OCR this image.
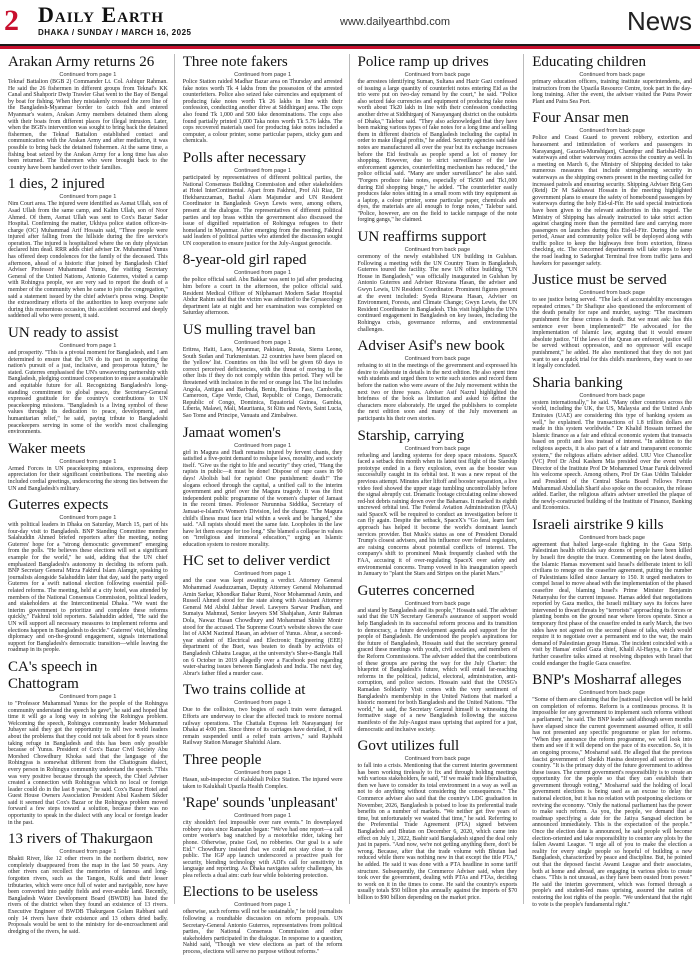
2 Daily Earth
DHAKA / SUNDAY / MARCH 16, 2025
www.dailyearthbd.com	News
Arakan Army returns 26
Continued from page 1

Teknaf Battalion (BGB 2) Commander Lt. Col. Ashiqur Rahman. He said the 26 fishermen in different groups from Teknaf's KK Canal and Shahporir Dwip Trawler Ghat went to the Bay of Bengal by boat for fishing. When they mistakenly crossed the zero line of the Bangladesh-Myanmar border to catch fish and entered Myanmar's waters, Arakan Army members detained them along with their boats from different places for illegal intrusion. Later, when the BGB's intervention was sought to bring back the detained fishermen, the Teknaf Battalion established contact and communication with the Arakan Army and after mediation, it was possible to bring back the detained fishermen. At the same time, a fishing boat seized by the Arakan Army for a long time has also been returned. The fishermen who were brought back to the country have been handed over to their families.

1 dies, 2 injured
Continued from page 1

Nim Court area. The injured were identified as Asmat Ullah, son of Asad Ullah from the same camp, and Kalim Ullah, son of Noor Ahmed. Of them, Asmat Ullah was sent to Cox's Bazar Sadar Hospital. Confirming the matter, Ukhiya police station officer-in-charge (OC) Muhammad Arif Hossain said, "Three people were injured after falling from the hillside during the fire service's operation. The injured is hospitalized where the on duty physician declared him dead. RRR adds chief adviser Dr. Muhammad Yunus has offered deep condolences for the family of the deceased. This afternoon, ahead of a historic iftar joined by Bangladesh Chief Adviser Professor Muhammad Yunus, the visiting Secretary General of the United Nations, Antonio Guterres, visited a camp with Rohingya people, we are very sad to report the death of a member of the community when he came to join the congregation," said a statement issued by the chief adviser's press wing. Despite the extraordinary efforts of the authorities to keep everyone safe during this momentous occasion, this accident occurred and deeply saddened all who were present, it said.

UN ready to assist
Continued from page 1

and prosperity. "This is a pivotal moment for Bangladesh, and I am determined to ensure that the UN do its part in supporting the nation's pursuit of a just, inclusive, and prosperous future," he stated. Guterres emphasised the UN's unwavering partnership with Bangladesh, pledging continued cooperation to ensure a sustainable and equitable future for all. Recognizing Bangladesh's long-standing commitment to global peace, the Secretary-General expressed gratitude for the country's contributions to UN peacekeeping missions. "Bangladesh is a living symbol of these values through its dedication to peace, development, and humanitarian relief," he said, paying tribute to Bangladeshi peacekeepers serving in some of the world's most challenging environments.

Waker meets
Continued from page 1

Armed Forces in UN peacekeeping missions, expressing deep appreciation for their significant contributions. The meeting also included cordial greetings, underscoring the strong ties between the UN and Bangladesh's military.

Guterres expects
Continued from page 1

with political leaders in Dhaka on Saturday, March 15, part of his four-day visit to Bangladesh. BNP Standing Committee member Salahuddin Ahmed briefed reporters after the meeting, noting Guterres' hope for a "strong democratic government" emerging from the polls. "He believes these elections will set a significant example for the world," he said, adding that the UN chief emphasized Bangladesh's autonomy in deciding its reform path. BNP Secretary General Mirza Fakhrul Islam Alamgir, speaking to journalists alongside Salahuddin later that day, said the party urged Guterres for a swift national election following essential poll-related reforms. The meeting, held at a city hotel, was attended by members of the National Consensus Commission, political leaders, and stakeholders at the Intercontinental Dhaka. "We want the interim government to prioritize and complete these reforms quickly," Fakhrul told reporters. Salahuddin added, "He said the UN will support all necessary measures to implement reforms and elections happen in Bangladesh to decide." Guterres' visit, blending diplomacy and on-the-ground engagement, signals international support for Bangladesh's democratic transition—while leaving the roadmap in its people.

CA's speech in Chattogram
Continued from page 1

to "Professor Muhammad Yunus for the people of the Rohingya community understand the speech he gave", he said and hoped that time it will go a long way in solving the Rohingya problem. Welcoming the speech, Rohingya community leader Mohammad Jubayer said they got the opportunity to tell two world leaders about the problems that they could not talk about for 8 years since taking refuge in Bangladesh and this has been only possible because of Yunus. President of Cox's Bazar Civil Society Abu Morshed Chowdhury Khoka said that the language of the Rohingyas is somewhat different from the Chattogram dialect, every person in Rohingya community understand the speech. "This was very positive because through the speech, the Chief Adviser created a connection with Rohingyas which no local or foreign leader could do in the last 8 years," he said. Cox's Bazar Hotel and Guest House Owners Association President Abul Kashem Sikder said it seemed that Cox's Bazar or the Rohingya problem moved forward a few steps toward a solution, because there was no opportunity to speak in the dialect with any local or foreign leader in the past.

13 rivers of Thakurgaon
Continued from page 1

Bhakti River, like 12 other rivers in the northern district, now completely disappeared from the map in the last 50 years. Any other rivers can recollect the memories of famous and long-forgotten rivers, such as the Tangon, Kulik and their lesser tributaries, which were once full of water and navigable, now have been converted into paddy fields and ever-arable land. Recently, Bangladesh Water Development Board (BWDB) has listed the rivers of the district when they found an existence of 13 rivers. Executive Engineer of BWDB Thakurgaon Golam Rabbani said only 14 rivers have their existence and 13 others dried badly. Proposals would be sent to the ministry for de-encroachment and dredging of the rivers, he said.

Three note fakers
Continued from page 1

Police Station raided Madhar Bazar area on Thursday and arrested fake notes worth Tk 4 lakhs from the possession of the arrested counterfeiters. Police also seized fake currencies and equipment of producing fake notes worth Tk 26 lakhs in line with their confession, conducting another drive at Siddhirganj area. The cops also found Tk 1,000 and 500 fake denominations. The cops also found partially printed 1,000 Taka notes worth Tk 5.76 lakhs. The cops recovered materials used for producing fake notes included a computer, a colour printer, some particular papers, sticky gum and chemicals.

Polls after necessary
Continued from page 1

participated by representatives of different political parties, the National Consensus Building Commission and other stakeholders at Hotel InterContinental. Apart from Fakhrul, Prof Ali Riaz, Dr Iftekharuzzaman, Badiul Alam Majumdar and UN Resident Coordinator in Bangladesh Gwyn Lewis were, among others, present at the dialogue. The representatives of different political parties and top brass within the government also discussed the issue of dignified repatriation of Rohingya refugees to their homeland in Myanmar. After emerging from the meeting, Fakhrul said leaders of political parties who attended the discussion sought UN cooperation to ensure justice for the July-August genocide.

8-year-old girl raped
Continued from page 1

the police official said. Abu Bakkar was sent to jail after producing him before a court in the afternoon, the police official said. Resident Medical Officer of Nilphamari Modern Sadar Hospital Abdur Rahim said that the victim was admitted to the Gynaecology department late at night and her examination was completed on Saturday afternoon.

US mulling travel ban
Continued from page 1

Eritrea, Haiti, Laos, Myanmar, Pakistan, Russia, Sierra Leone, South Sudan and Turkmenistan. 22 countries have been placed on the 'yellow' list. Countries on this list will be given 60 days to correct perceived deficiencies, with the threat of moving to the other lists if they do not comply within this period. They will be threatened with inclusion in the red or orange list. The list includes Angola, Antigua and Barbuda, Benin, Burkina Faso, Cambodia, Cameroon, Cape Verde, Chad, Republic of Congo, Democratic Republic of Congo, Dominica, Equatorial Guinea, Gambia, Liberia, Malawi, Mali, Mauritania, St Kitts and Nevis, Saint Lucia, Sao Tome and Principe, Vanuatu and Zimbabwe.

Jamaat women's
Continued from page 1

girl in Magura and Hadi remains injured by fervent chants, they satisfied a five-point demand to reshape laws, morality, and society itself. "Give us the right to life and security" they cried, "Hang the rapists in public—it must be done! Dispose of rape cases in 90 days! Abolish bail for rapists! One punishment: death!" The slogans echoed through the capital, a unified call to the interim government and grief over the Magura tragedy. It was the first independent public programme of the women's chapter of Jamaat in the recent times. Professor Nurunnisa Siddika, Secretary of Jamaat-e-Islami's Women's Division, led the charge. "The Magura child's illness must face trial within a week and be hanged," she said. "All rapists should meet the same fate. Loopholes in the law have let them escape for too long." She blamed a collapse in values on "irreligious and immoral education," urging an Islamic education system to restore morality.

HC set to deliver verdict
Continued from page 1

and the case was kept awaiting a verdict. Attorney General Mohammad Asaduzzaman, Deputy Attorney General Mohammad Amin Sarkar, Khondkar Bahar Rumi, Noor Mohammad Amin, and Russell Ahmed stood for the state along with Assistant Attorney General Md Abdul Jabbar Jewel. Lawyers Sarwar Pradhan, and Sumaiya Mahmud, Senior lawyers SM Shahjahan, Amir Rahman Dola, Nawaz Hasan Chowdhury and Mohammad Shishir Monir stood for the accused. The Supreme Court's website shows the case list of AKM Nazimul Hasan, an adviser of Yunus. Abrar, a second-year student of Electrical and Electronic Engineering (EEE) department of the Buet, was beaten to death by activists of Bangladesh Chhatra League, at the university's Sher-e-Bangla Hall on 6 October in 2019 allegedly over a Facebook post regarding water-sharing issues between Bangladesh and India. The next day, Abrar's father filed a murder case.

Two trains collide at
Continued from page 1

Due to the collision, two bogies of each train were damaged. Efforts are underway to clear the affected track to restore normal railway operations. The Chattala Express left Narayanganj for Dhaka at 4:00 pm. Since three of its carriages have derailed, it will remain suspended until a relief train arrives," said Rajshahi Railway Station Manager Shahidul Alam.

Three people
Continued from page 1

Hasan, sub-inspector of Kalukhali Police Station. The injured were taken to Kalukhali Upazila Health Complex.

'Rape' sounds 'unpleasant'
Continued from page 1

city shouldn't feel impossible over rare events." In downplayed robbery rates since Ramadan began: "We've had one report—a call centre worker's bag snatched by a motorbike rider, taking her phone. Otherwise, praise God, no robberies. Our goal is a safe Eid." Chowdhury insisted that we could not stay close to the public. The IGP app launch underscored a proactive push for security, blending technology with ADI's call for sensitivity in language and reporting. As Dhaka navigates safety challenges, his plea reflects a dual aim: curb fear while bolstering protection.

Elections to be useless
Continued from page 1

otherwise, such reforms will not be sustainable," he told journalists following a roundtable discussion on reform proposals. UN Secretary-General Antonio Guterres, representatives from political parties, the National Consensus Commission and other stakeholders participated in the dialogue. In response to a question, Nahid said, "Though we view elections as part of the reform process, elections will serve no purpose without reforms."

Police ramp up drives
Continued from back page

the arrestees identifying Suman, Sultana and Hazir Gazi confessed of issuing a large quantity of counterfeit notes entering Eid as the trio were put on two-day remand by the court," he said. "Police also seized fake currencies and equipment of producing fake notes worth about Tk20 lakh in line with their confession conducting another drive at Siddhirganj of Narayanganj district on the outskirts of Dhaka," Talebur said. "They also acknowledged that they have been making various types of fake notes for a long time and selling them in different districts of Bangladesh including the capital in order to make illegal profits," he added. Security agencies said fake notes are manufactured all over the year but its exchange increases before the Eid festivals as people spend a lot of money for shopping. However, due to strict surveillance of the law enforcement agencies, counterfeiting mechanism has reduced," the police official said. "Many are under surveillance" he also said. "Forgers produce fake notes, especially of Tk500 and Tk1,000 during Eid shopping binge," he added. "The counterfeiter easily produces fake notes sitting in a small room with tiny equipment as a laptop, a colour printer, some particular paper, chemicals and dyes, the materials are all enough to forge notes," Talebur said. "Police, however, are on the field to tackle rampage of the note forging gangs," he claimed.

UN reaffirms support
Continued from back page

ceremony of the newly established UN building in Gulshan. Following a meeting with the UN Country Team in Bangladesh, Guterres toured the facility. The new UN office building, "UN House in Bangladesh," was officially inaugurated in Gulshan by Antonio Guterres and Adviser Rizwana Hasan, the adviser and Gwyn Lewis, UN Resident Coordinator. Prominent figures present at the event included: Syeda Rizwana Hasan, Adviser on Environment, Forests, and Climate Change; Gwyn Lewis, the UN Resident Coordinator in Bangladesh. This visit highlights the UN's continued engagement in Bangladesh on key issues, including the Rohingya crisis, governance reforms, and environmental challenges.

Adviser Asif's new book
Continued from back page

refusing to sit in the meetings of the government and expressed his desire to elaborate in details in the next edition. He also spent time with students and urged them to write such stories and record them before the nation who were aware of the July movement within the next two or three years. Adviser Asif Nazrul highlighted the briefness of the book as limitation and asked to define the characters more elaborately. He urged the publishers to complete the next edition soon and many of the July movement as participants his their own stories.

Starship, carrying
Continued from back page

refueling and landing systems for deep space missions. SpaceX faced a setback this month when its latest test flight of the Starship prototype ended in a fiery explosion, even as the booster was successfully caught in its orbital test. It was a new repeat of the previous attempt. Minutes after liftoff and booster separation, a live video feed showed the upper stage tumbling uncontrollably before the signal abruptly cut. Dramatic footage circulating online showed red-hot debris raining down over the Bahamas. It marked its eighth uncrewed orbital test. The Federal Aviation Administration (FAA) said SpaceX will be required to conduct an investigation before it can fly again. Despite the setback, SpaceX's "Go fast, learn fast" approach has helped it become the world's dominant launch services provider. But Musk's status as one of President Donald Trump's closest advisers, and his influence over federal regulators, are raising concerns about potential conflicts of interest. The company's shift to prominent Musk frequently clashed with the FAA, accusing it of over-regulating SpaceX over safety and environmental concerns. Trump vowed in his inauguration speech in January to "plant the Stars and Stripes on the planet Mars."

Guterres concerned
Continued from back page

and stand by Bangladesh and its people," Hossain said. The adviser said that the UN Secretary General's assurance of support would help Bangladesh in its successful reform process and its transition to democracy, a future development agenda and support for the people of Bangladesh. He understood the people's aspirations for the future of Bangladesh, Hossain said that the secretary general graced these meetings with youth, civil societies, and members of the Reform Commissions. The adviser added that the contributions of these groups are paving the way for the July Charter: the blueprint of Bangladesh's future, which will entail far-reaching reforms in the political, judicial, electoral, administration, anti-corruption, and police sectors. Hossain said that the UNSG's Ramadan Solidarity Visit comes with the very sentiment of Bangladesh's membership in the United Nations that marked a historic moment for both Bangladesh and the United Nations. "The world," he said, the Secretary General himself is witnessing the formative stage of a new Bangladesh following the success manifesto of the July-August mass uprising that aspired for a just, democratic and inclusive society.

Govt utilizes full
Continued from back page

to fall into a crisis. Mentioning that the current interim government has been working tirelessly to fix and through holding meetings with various stakeholders, he said, "If we make trade liberalisation, then we have to consider its total environment in a way as well as not to do anything without considering the consequences." The Commerce adviser also said that the country's LDC graduation in November, 2026, Bangladesh is poised to lose its preferential trade benefits on a number of markets. "We neither get five years of time, but unfortunately we wasted that time," he said. Referring to the Preferential Trade Agreement (PTA) signed between Bangladesh and Bhutan on December 6, 2020, which came into effect on July 1, 2022, Bashir said Bangladesh signed the deal only just in papers. "And now, we're not getting anything there, don't be wrong. Because, after that the trade volume with Bhutan had reduced while there was nothing new in that except the title PTA," he added. He said it was done with a PTA headline in some tariff structure. Subsequently, the Commerce Adviser said, when they took over the government, dealing with PTAs and FTAs, deciding to work on it in the times to come. He said the country's exports usually totals $50 billion plus annually against the imports of $70 billion to $90 billion depending on the market price.

Educating children
Continued from back page

primary education officers, training institute superintendents, and instructors from the Upazila Resource Centre, took part in the day-long training. After the event, the adviser visited the Patra Power Plant and Paira Sea Port.

Four Ansar men
Continued from back page

Police and Coast Guard to prevent robbery, extortion and harassment and intimidation of workers and passengers in Narayanganj, Gazaria-Munshiganj, Chandpur and Barishal-Bhola waterways and other waterway routes across the country as well. In a meeting on March 6, the Ministry of Shipping decided to take numerous measures that include strengthening security in waterways as the shipping owners present in the meeting called for increased patrols and ensuring security. Shipping Adviser Brig Gen (Retd) Dr M Sakhawat Hossain in the meeting highlighted government plans to ensure the safety of homebound passengers by waterways during the holy Eid-ul-Fitr. He said special instructions have been given to the relevant authorities in this regard. The Ministry of Shipping has already instructed to take strict action against charging more than the permitted fare and carrying more passengers on launches during this Eid-ul-Fitr. During the same period, Ansar and community police will be deployed along with traffic police to keep the highways free from extortion, fitness checking, etc. The concerned departments will take steps to keep the road leading to Sadarghat Terminal free from traffic jams and hawkers for passenger safety.

Justice must be served
Continued from back page

to see justice being served. "The lack of accountability encourages repeated crimes." Dr Shafiqur also questioned the enforcement of the death penalty for rape and murder, saying: "The maximum punishment for these crimes is death. But we must ask: has this sentence ever been implemented?" He advocated for the implementation of Islamic law, arguing that it would ensure absolute justice. "If the laws of the Quran are enforced, justice will be served without oppression, and no oppressor will escape punishment," he added. He also mentioned that they do not just want to see a quick trial for this child's murderers, they want to see it legally concluded.

Sharia banking
Continued from back page

system internationally," he said. "Many other countries across the world, including the UK, the US, Malaysia and the United Arab Emirates (UAE) are considering this type of banking system as well," he explained. The transactions of 1.8 trillion dollars are made in this system worldwide." Dr Khalid Hossain termed the Islamic finance as a fair and ethical economic system that transacts based on profit and loss instead of interest. "In addition to the religious aspects, it is also part of a fair and transparent economic system," the religious affairs adviser added. UIU Vice Chancellor (VC) Prof Dr Abul Kashem Mia presided over the event while Director of the Institute Prof Dr Mohammed Umar Faruk delivered his welcome speech. Among others, Prof Dr Gias Uddin Talukder and President of the Central Sharia Board Fellows Forum Muhammad Abdullah Sharif also spoke on the occasion, the release added. Earlier, the religious affairs adviser unveiled the plaque of the newly-constructed building of the Institute of Finance, Banking and Economics.

Israeli airstrike 9 kills
Continued from back page

agreement that halted large-scale fighting in the Gaza Strip. Palestinian health officials say dozens of people have been killed by Israeli fire despite the truce. Commenting on the latest deaths, the Islamic Hamas movement said Israel's deliberate intent to kill civilians to renege on the ceasefire agreement, putting the number of Palestinians killed since January to 150. It urged mediators to compel Israel to move ahead with the implementation of the phased ceasefire deal, blaming Israel's Prime Minister Benjamin Netanyahu for the current impasse. Hamas added that negotiations reported by Gaza medics, the Israeli military says its forces have intervened to thwart threats by "terrorists" approaching its forces or planting bombs on the ground near where forces operate. Since a temporary first phase of the ceasefire ended in early March, the two sides have not agreed on the second phase of talks, which would require it to negotiate over a permanent end to the war, the main demand of Palestinian group Hamas. The incident coincided with a visit by Hamas' exiled Gaza chief, Khalil Al-Hayya, to Cairo for further ceasefire talks aimed at resolving disputes with Israel that could endanger the fragile Gaza ceasefire.

BNP's Mosharraf alleges
Continued from back page

"Some of them are claiming that the [national] election will be held on completion of reforms. Reform is a continuous process. It is impossible for any government to implement such reforms without a parliament," he said. The BNP leader said although seven months have elapsed since the current government assumed office, it still has not presented any specific programme or plan for reforms. "When they announce the reform programme, we will look into them and see if it will depend on the pace of its execution. So, it is an ongoing process," Mosharraf said. He alleged that the previous fascist government of Sheikh Hasina destroyed all sectors of the country. "It is the primary duty of the future government to address these issues. The current government's responsibility is to create an opportunity for the people so that they can establish their government through voting," Mosharraf said the holding of local government elections is being used as an excuse to delay the national election, but it has no relation with postponing elections or reviving the economy. "Only the national parliament has the power to make such reform. As you, the people, we demand that a roadmap specifying a date for the Jatiya Sangsad election be announced immediately. This is the expectation of the people." Once the election date is announced, he said people will become election-oriented and take responsibility to counter any plots by the fallen Awami League. "I urge all of you to make the election a reality for every single people so hopeful of building a new Bangladesh, characterized by peace and discipline. But, he pointed out that the deposed fascist Awami League and their associates, both at home and abroad, are engaging in various plots to create chaos. "This is not unusual, as they have been ousted from power." He said the interim government, which was formed through a people's and student-led mass uprising, assured the nation of restoring the lost rights of the people. "We understand that the right to vote is the people's fundamental right."
